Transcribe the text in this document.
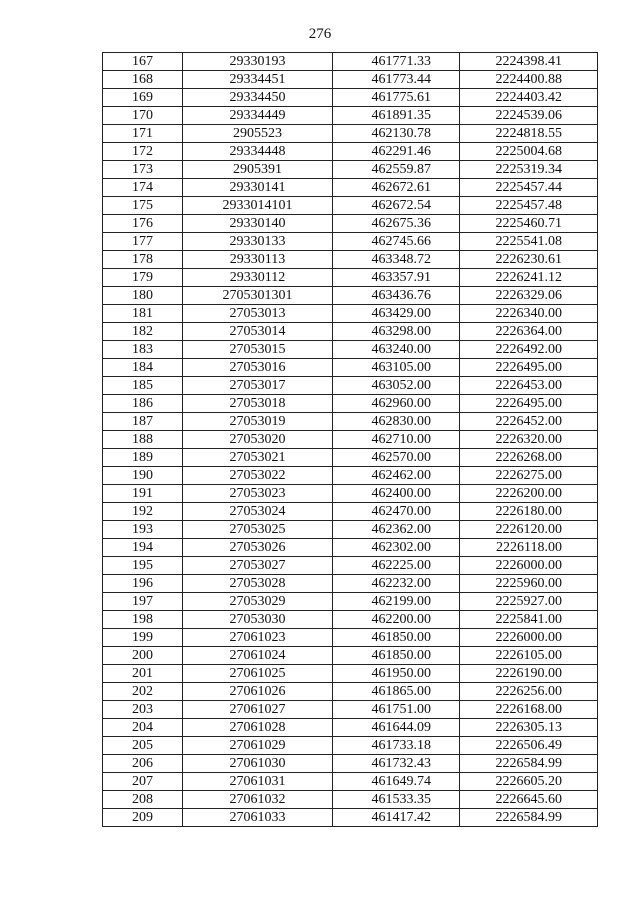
276
167	29330193	461771.33	2224398.41
168	29334451	461773.44	2224400.88
169	29334450	461775.61	2224403.42
170	29334449	461891.35	2224539.06
171	2905523	462130.78	2224818.55
172	29334448	462291.46	2225004.68
173	2905391	462559.87	2225319.34
174	29330141	462672.61	2225457.44
175	2933014101	462672.54	2225457.48
176	29330140	462675.36	2225460.71
177	29330133	462745.66	2225541.08
178	29330113	463348.72	2226230.61
179	29330112	463357.91	2226241.12
180	2705301301	463436.76	2226329.06
181	27053013	463429.00	2226340.00
182	27053014	463298.00	2226364.00
183	27053015	463240.00	2226492.00
184	27053016	463105.00	2226495.00
185	27053017	463052.00	2226453.00
186	27053018	462960.00	2226495.00
187	27053019	462830.00	2226452.00
188	27053020	462710.00	2226320.00
189	27053021	462570.00	2226268.00
190	27053022	462462.00	2226275.00
191	27053023	462400.00	2226200.00
192	27053024	462470.00	2226180.00
193	27053025	462362.00	2226120.00
194	27053026	462302.00	2226118.00
195	27053027	462225.00	2226000.00
196	27053028	462232.00	2225960.00
197	27053029	462199.00	2225927.00
198	27053030	462200.00	2225841.00
199	27061023	461850.00	2226000.00
200	27061024	461850.00	2226105.00
201	27061025	461950.00	2226190.00
202	27061026	461865.00	2226256.00
203	27061027	461751.00	2226168.00
204	27061028	461644.09	2226305.13
205	27061029	461733.18	2226506.49
206	27061030	461732.43	2226584.99
207	27061031	461649.74	2226605.20
208	27061032	461533.35	2226645.60
209	27061033	461417.42	2226584.99
